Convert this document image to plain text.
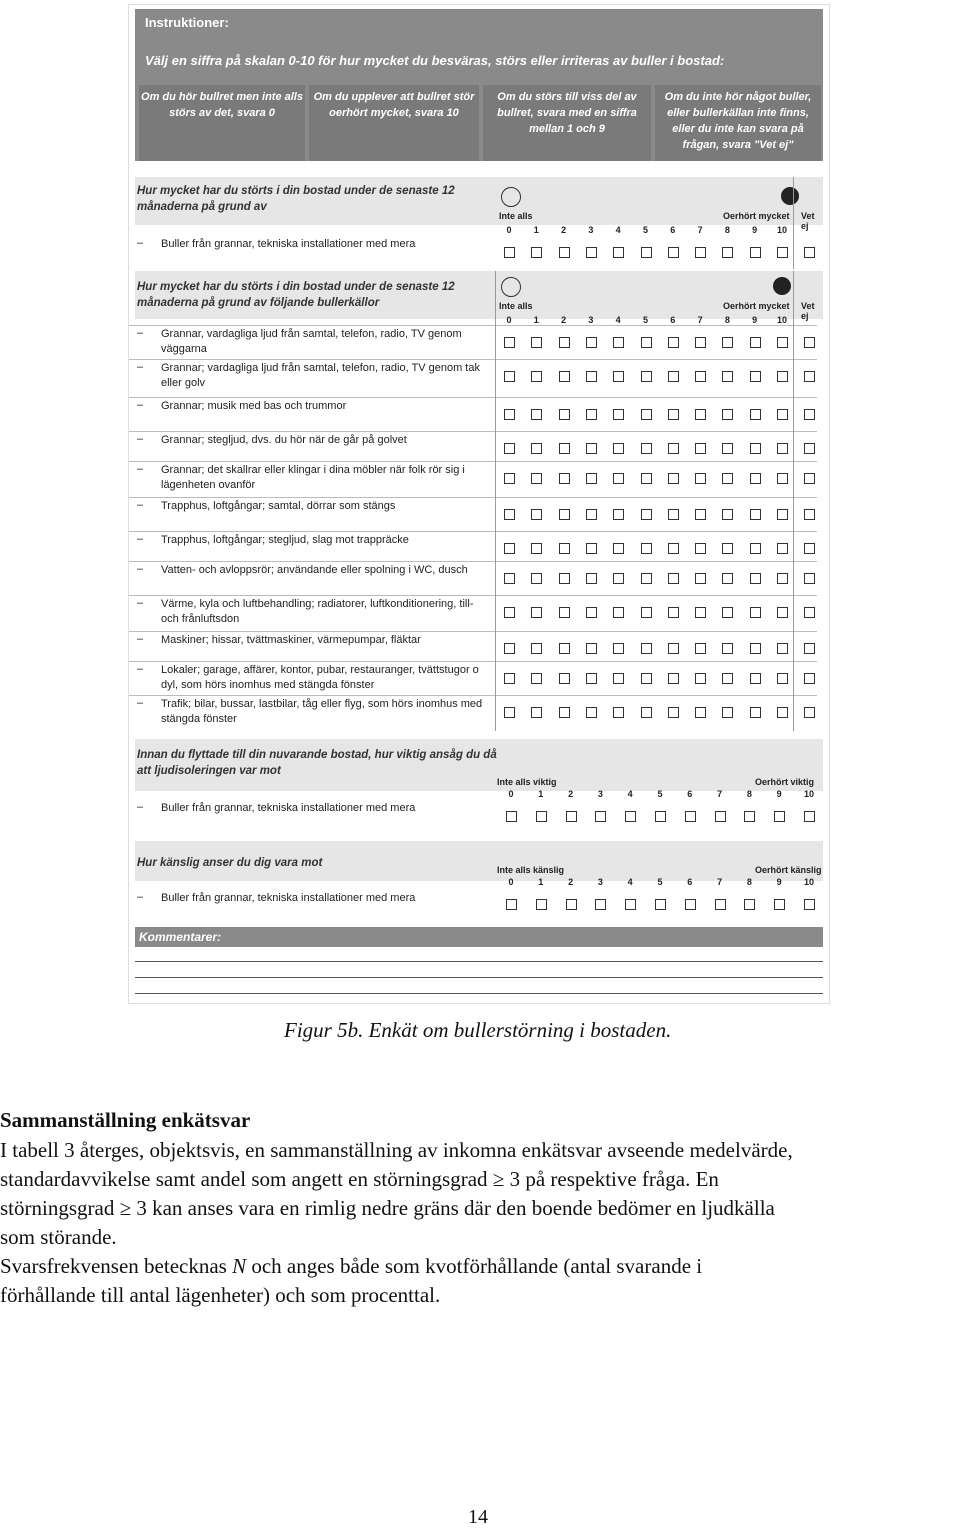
Instruktioner:
Välj en siffra på skalan 0-10 för hur mycket du besväras, störs eller irriteras av buller i bostad:
Om du hör bullret men inte alls störs av det, svara 0
Om du upplever att bullret stör oerhört mycket, svara 10
Om du störs till viss del av bullret, svara med en siffra mellan 1 och 9
Om du inte hör något buller, eller bullerkällan inte finns, eller du inte kan svara på frågan, svara "Vet ej"
Hur mycket har du störts i din bostad under de senaste 12 månaderna på grund av
Inte alls	Oerhört mycket Vet ej
0	1	2	3	4	5	6	7	8	9	10
– Buller från grannar, tekniska installationer med mera
Hur mycket har du störts i din bostad under de senaste 12 månaderna på grund av följande bullerkällor	Inte alls	Oerhört mycket Vet ej
0	1	2	3	4	5	6	7	8	9	10
– Grannar, vardagliga ljud från samtal, telefon, radio, TV genom väggarna
– Grannar; vardagliga ljud från samtal, telefon, radio, TV genom tak eller golv
– Grannar; musik med bas och trummor
– Grannar; stegljud, dvs. du hör när de går på golvet
– Grannar; det skallrar eller klingar i dina möbler när folk rör sig i lägenheten ovanför
– Trapphus, loftgångar; samtal, dörrar som stängs
– Trapphus, loftgångar; stegljud, slag mot trappräcke
– Vatten- och avloppsrör; användande eller spolning i WC, dusch
– Värme, kyla och luftbehandling; radiatorer, luftkonditionering, till- och frånluftsdon
– Maskiner; hissar, tvättmaskiner, värmepumpar, fläktar
– Lokaler; garage, affärer, kontor, pubar, restauranger, tvättstugor o dyl, som hörs inomhus med stängda fönster
– Trafik; bilar, bussar, lastbilar, tåg eller flyg, som hörs inomhus med stängda fönster
Innan du flyttade till din nuvarande bostad, hur viktig ansåg du då att ljudisoleringen var mot
Inte alls viktig	Oerhört viktig
0	1	2	3	4	5	6	7	8	9	10
– Buller från grannar, tekniska installationer med mera
Hur känslig anser du dig vara mot
Inte alls känslig	Oerhört känslig
0	1	2	3	4	5	6	7	8	9	10
– Buller från grannar, tekniska installationer med mera
Kommentarer:
Figur 5b. Enkät om bullerstörning i bostaden.
Sammanställning enkätsvar
I tabell 3 återges, objektsvis, en sammanställning av inkomna enkätsvar avseende medelvärde,
standardavvikelse samt andel som angett en störningsgrad ≥ 3 på respektive fråga. En
störningsgrad ≥ 3 kan anses vara en rimlig nedre gräns där den boende bedömer en ljudkälla
som störande.
Svarsfrekvensen betecknas N och anges både som kvotförhållande (antal svarande i
förhållande till antal lägenheter) och som procenttal.
14
